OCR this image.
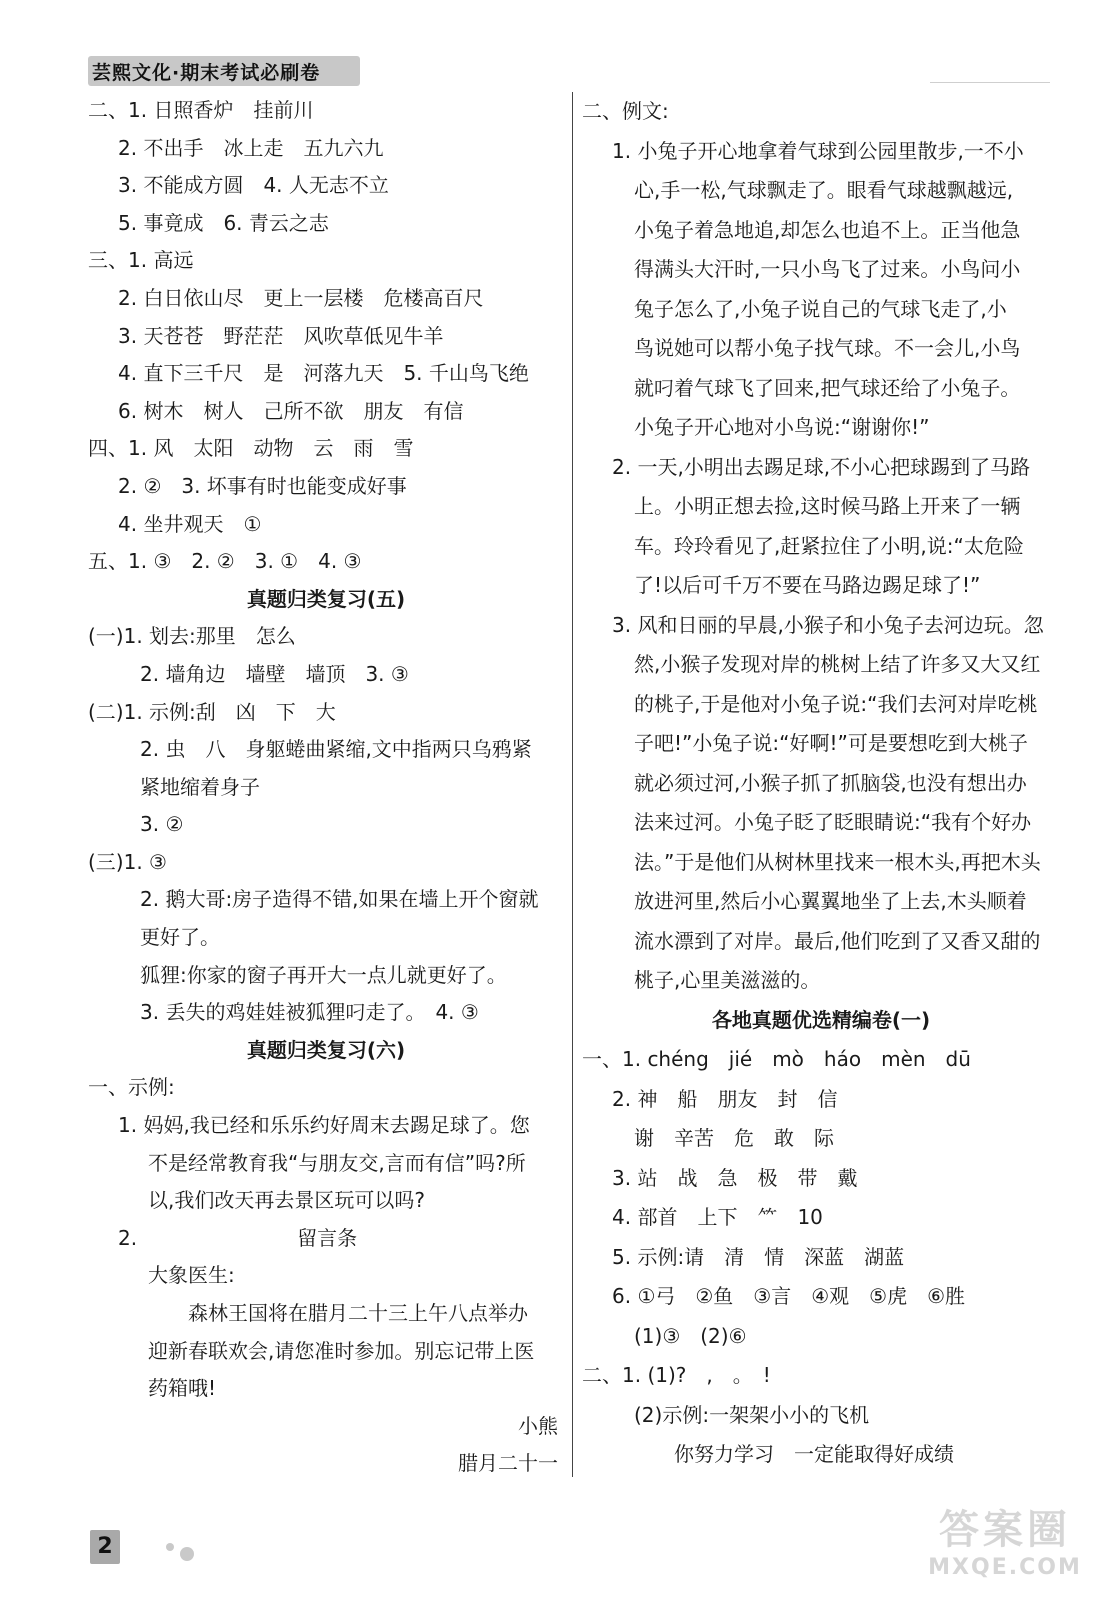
芸熙文化·期末考试必刷卷
二、1. 日照香炉　挂前川
2. 不出手　冰上走　五九六九
3. 不能成方圆　4. 人无志不立
5. 事竟成　6. 青云之志
三、1. 高远
2. 白日依山尽　更上一层楼　危楼高百尺
3. 天苍苍　野茫茫　风吹草低见牛羊
4. 直下三千尺　是　河落九天　5. 千山鸟飞绝
6. 树木　树人　己所不欲　朋友　有信
四、1. 风　太阳　动物　云　雨　雪
2. ②　3. 坏事有时也能变成好事
4. 坐井观天　①
五、1. ③　2. ②　3. ①　4. ③
真题归类复习(五)
(一)1. 划去:那里　怎么
2. 墙角边　墙壁　墙顶　3. ③
(二)1. 示例:刮　凶　下　大
2. 虫　八　身躯蜷曲紧缩,文中指两只乌鸦紧
紧地缩着身子
3. ②
(三)1. ③
2. 鹅大哥:房子造得不错,如果在墙上开个窗就
更好了。
狐狸:你家的窗子再开大一点儿就更好了。
3. 丢失的鸡娃娃被狐狸叼走了。　4. ③
真题归类复习(六)
一、示例:
1. 妈妈,我已经和乐乐约好周末去踢足球了。您
不是经常教育我“与朋友交,言而有信”吗?所
以,我们改天再去景区玩可以吗?
2.　　　　　　　　留言条
大象医生:
　　森林王国将在腊月二十三上午八点举办
迎新春联欢会,请您准时参加。别忘记带上医
药箱哦!
小熊
腊月二十一
二、例文:
1. 小兔子开心地拿着气球到公园里散步,一不小
心,手一松,气球飘走了。眼看气球越飘越远,
小兔子着急地追,却怎么也追不上。正当他急
得满头大汗时,一只小鸟飞了过来。小鸟问小
兔子怎么了,小兔子说自己的气球飞走了,小
鸟说她可以帮小兔子找气球。不一会儿,小鸟
就叼着气球飞了回来,把气球还给了小兔子。
小兔子开心地对小鸟说:“谢谢你!”
2. 一天,小明出去踢足球,不小心把球踢到了马路
上。小明正想去捡,这时候马路上开来了一辆
车。玲玲看见了,赶紧拉住了小明,说:“太危险
了!以后可千万不要在马路边踢足球了!”
3. 风和日丽的早晨,小猴子和小兔子去河边玩。忽
然,小猴子发现对岸的桃树上结了许多又大又红
的桃子,于是他对小兔子说:“我们去河对岸吃桃
子吧!”小兔子说:“好啊!”可是要想吃到大桃子
就必须过河,小猴子抓了抓脑袋,也没有想出办
法来过河。小兔子眨了眨眼睛说:“我有个好办
法。”于是他们从树林里找来一根木头,再把木头
放进河里,然后小心翼翼地坐了上去,木头顺着
流水漂到了对岸。最后,他们吃到了又香又甜的
桃子,心里美滋滋的。
各地真题优选精编卷(一)
一、1. chéng　jié　mò　háo　mèn　dū
2. 神　船　朋友　封　信
谢　辛苦　危　敢　际
3. 站　战　急　极　带　戴
4. 部首　上下　⺮　10
5. 示例:请　清　情　深蓝　湖蓝
6. ①弓　②鱼　③言　④观　⑤虎　⑥胜
(1)③　(2)⑥
二、1. (1)?　,　。　!
(2)示例:一架架小小的飞机
　　你努力学习　一定能取得好成绩
2	答案圈
MXQE.COM
